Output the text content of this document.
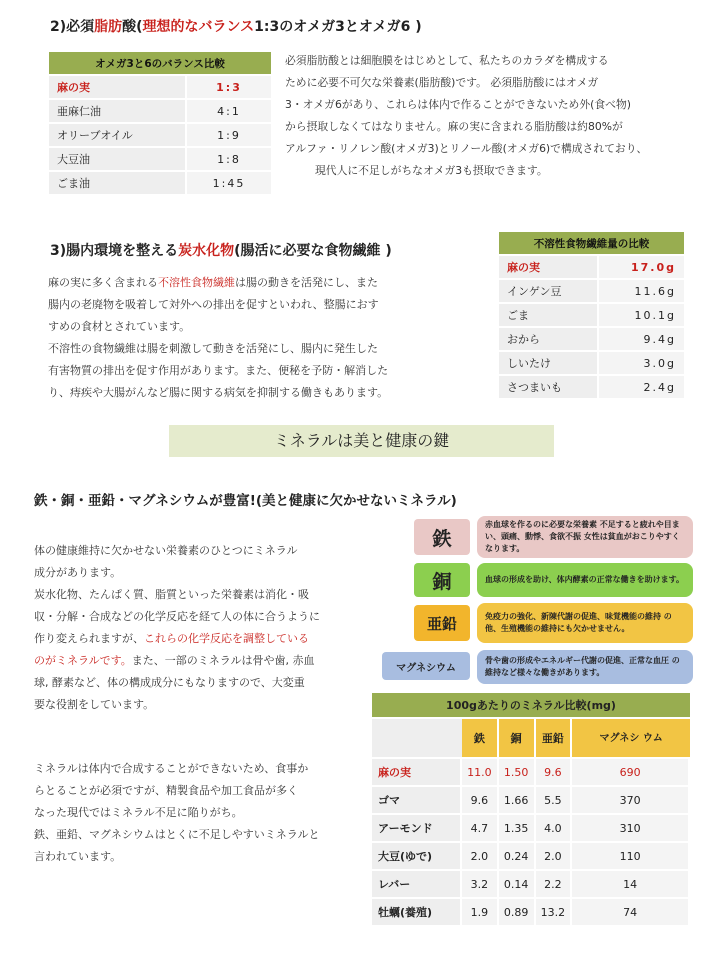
2)必須脂肪酸(理想的なバランス1:3のオメガ3とオメガ6 )
オメガ3と6のバランス比較	
麻の実	1:3
亜麻仁油	4:1
オリーブオイル	1:9
大豆油	1:8
ごま油	1:45

必須脂肪酸とは細胞膜をはじめとして、私たちのカラダを構成する

ために必要不可欠な栄養素(脂肪酸)です。 必須脂肪酸にはオメガ

3・オメガ6があり、これらは体内で作ることができないため外(食べ物)

から摂取しなくてはなりません。麻の実に含まれる脂肪酸は約80%が

アルファ・リノレン酸(オメガ3)とリノール酸(オメガ6)で構成されており、

現代人に不足しがちなオメガ3も摂取できます。

3)腸内環境を整える炭水化物(腸活に必要な食物繊維 )

麻の実に多く含まれる不溶性食物繊維は腸の動きを活発にし、また

腸内の老廃物を吸着して対外への排出を促すといわれ、整腸におす

すめの食材とされています。

不溶性の食物繊維は腸を刺激して動きを活発にし、腸内に発生した

有害物質の排出を促す作用があります。また、便秘を予防・解消した

り、痔疾や大腸がんなど腸に関する病気を抑制する働きもあります。

不溶性食物繊維量の比較	
麻の実	17.0g
インゲン豆	11.6g
ごま	10.1g
おから	9.4g
しいたけ	3.0g
さつまいも	2.4g
ミネラルは美と健康の鍵
鉄・銅・亜鉛・マグネシウムが豊富!(美と健康に欠かせないミネラル)

体の健康維持に欠かせない栄養素のひとつにミネラル

成分があります。

炭水化物、たんぱく質、脂質といった栄養素は消化・吸

収・分解・合成などの化学反応を経て人の体に合うように

作り変えられますが、これらの化学反応を調整している

のがミネラルです。また、一部のミネラルは骨や歯, 赤血

球, 酵素など、体の構成成分にもなりますので、大変重

要な役割をしています。

ミネラルは体内で合成することができないため、食事か

らとることが必須ですが、精製食品や加工食品が多く

なった現代ではミネラル不足に陥りがち。

鉄、亜鉛、マグネシウムはとくに不足しやすいミネラルと

言われています。

鉄
赤血球を作るのに必要な栄養素 不足すると疲れや目まい、頭痛、動悸、食欲不振 女性は貧血がおこりやすくなります。
銅	血球の形成を助け、体内酵素の正常な働きを助けます。
亜鉛	免疫力の強化、新陳代謝の促進、味覚機能の維持 の他、生殖機能の維持にも欠かせません。
マグネシウム
骨や歯の形成やエネルギー代謝の促進、正常な血圧 の維持など様々な働きがあります。
100gあたりのミネラル比較(mg)				
	鉄	銅	亜鉛	マグネシ ウム
麻の実	11.0	1.50	9.6	690
ゴマ	9.6	1.66	5.5	370
アーモンド	4.7	1.35	4.0	310
大豆(ゆで)	2.0	0.24	2.0	110
レバー	3.2	0.14	2.2	14
牡蠣(養殖)	1.9	0.89	13.2	74
